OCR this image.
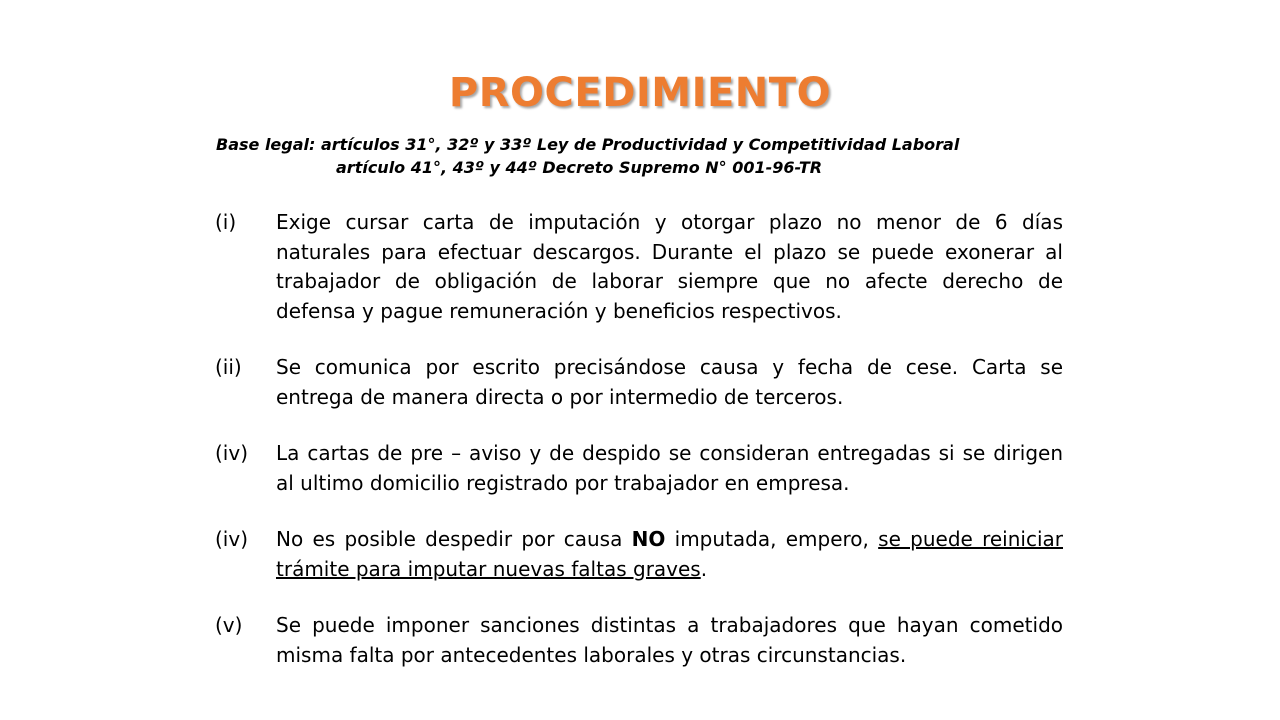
PROCEDIMIENTO
Base legal: artículos 31°, 32º y 33º Ley de Productividad y Competitividad Laboral
artículo 41°, 43º y 44º Decreto Supremo N° 001-96-TR
(i)	Exige cursar carta de imputación y otorgar plazo no menor de 6 días naturales para efectuar descargos. Durante el plazo se puede exonerar al trabajador de obligación de laborar siempre que no afecte derecho de defensa y pague remuneración y beneficios respectivos.
(ii)	Se comunica por escrito precisándose causa y fecha de cese. Carta se entrega de manera directa o por intermedio de terceros.
(iv)	La cartas de pre – aviso y de despido se consideran entregadas si se dirigen al ultimo domicilio registrado por trabajador en empresa.
(iv)	No es posible despedir por causa NO imputada, empero, se puede reiniciar trámite para imputar nuevas faltas graves.
(v)	Se puede imponer sanciones distintas a trabajadores que hayan cometido misma falta por antecedentes laborales y otras circunstancias.
